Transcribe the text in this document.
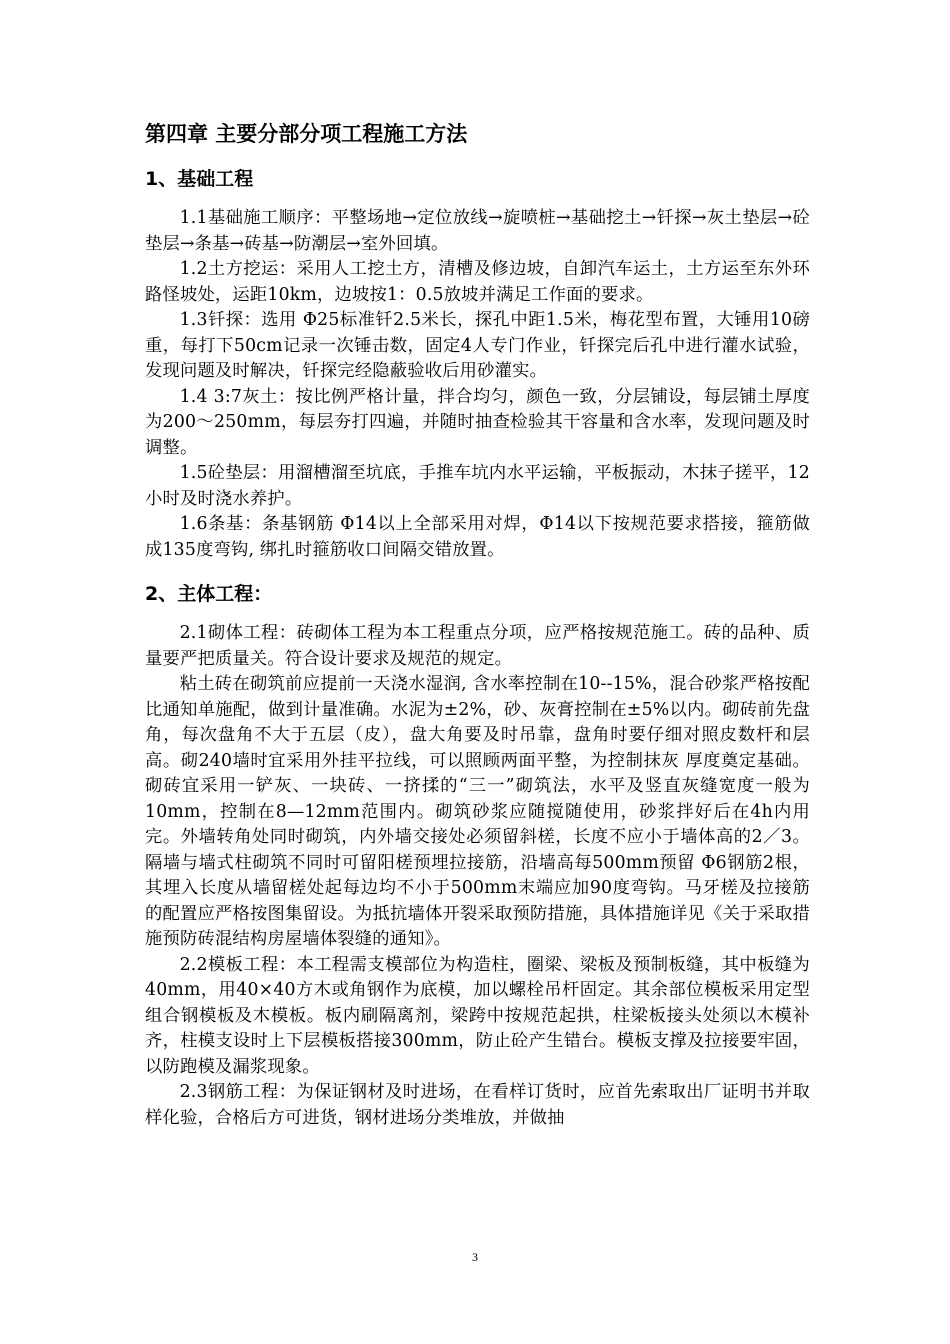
第四章 主要分部分项工程施工方法
1、基础工程

1.1基础施工顺序：平整场地→定位放线→旋喷桩→基础挖土→钎探→灰土垫层→砼垫层→条基→砖基→防潮层→室外回填。

1.2土方挖运：采用人工挖土方，清槽及修边坡，自卸汽车运土，土方运至东外环路怪坡处，运距10km，边坡按1：0.5放坡并满足工作面的要求。

1.3钎探：选用 Φ25标准钎2.5米长，探孔中距1.5米，梅花型布置，大锤用10磅重，每打下50cm记录一次锤击数，固定4人专门作业，钎探完后孔中进行灌水试验，发现问题及时解决，钎探完经隐蔽验收后用砂灌实。

1.4 3:7灰土：按比例严格计量，拌合均匀，颜色一致，分层铺设，每层铺土厚度为200～250mm，每层夯打四遍，并随时抽查检验其干容量和含水率，发现问题及时调整。

1.5砼垫层：用溜槽溜至坑底，手推车坑内水平运输，平板振动，木抹子搓平，12小时及时浇水养护。

1.6条基：条基钢筋 Φ14以上全部采用对焊，Φ14以下按规范要求搭接，箍筋做成135度弯钩, 绑扎时箍筋收口间隔交错放置。

2、主体工程：

2.1砌体工程：砖砌体工程为本工程重点分项，应严格按规范施工。砖的品种、质量要严把质量关。符合设计要求及规范的规定。

粘土砖在砌筑前应提前一天浇水湿润, 含水率控制在10--15%，混合砂浆严格按配比通知单施配，做到计量准确。水泥为±2%，砂、灰膏控制在±5%以内。砌砖前先盘角，每次盘角不大于五层（皮），盘大角要及时吊靠，盘角时要仔细对照皮数杆和层高。砌240墙时宜采用外挂平拉线，可以照顾两面平整，为控制抹灰 厚度奠定基础。砌砖宜采用一铲灰、一块砖、一挤揉的“三一”砌筑法，水平及竖直灰缝宽度一般为10mm，控制在8—12mm范围内。砌筑砂浆应随搅随使用，砂浆拌好后在4h内用完。外墙转角处同时砌筑，内外墙交接处必须留斜槎，长度不应小于墙体高的2／3。隔墙与墙式柱砌筑不同时可留阳槎预埋拉接筋，沿墙高每500mm预留 Φ6钢筋2根，其埋入长度从墙留槎处起每边均不小于500mm末端应加90度弯钩。马牙槎及拉接筋的配置应严格按图集留设。为抵抗墙体开裂采取预防措施，具体措施详见《关于采取措施预防砖混结构房屋墙体裂缝的通知》。

2.2模板工程：本工程需支模部位为构造柱，圈梁、梁板及预制板缝，其中板缝为40mm，用40×40方木或角钢作为底模，加以螺栓吊杆固定。其余部位模板采用定型组合钢模板及木模板。板内刷隔离剂，梁跨中按规范起拱，柱梁板接头处须以木模补齐，柱模支设时上下层模板搭接300mm，防止砼产生错台。模板支撑及拉接要牢固，以防跑模及漏浆现象。

2.3钢筋工程：为保证钢材及时进场，在看样订货时，应首先索取出厂证明书并取样化验，合格后方可进货，钢材进场分类堆放，并做抽

3
